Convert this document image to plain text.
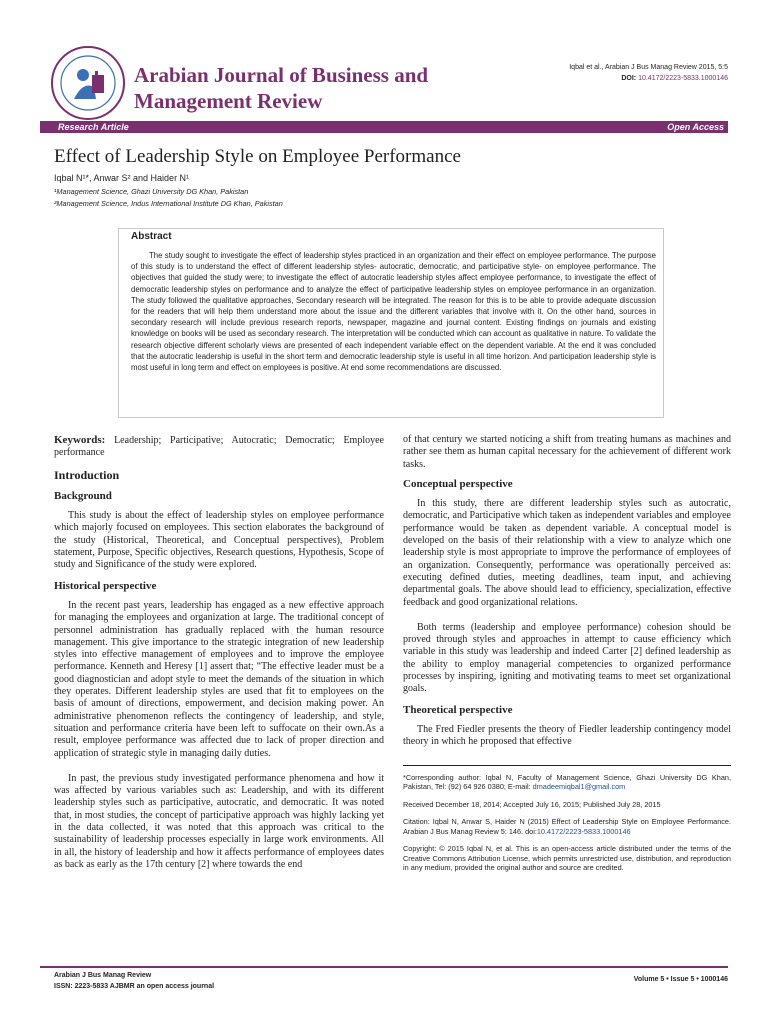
Arabian Journal of Business and Management Review
Iqbal et al., Arabian J Bus Manag Review 2015, 5:5
DOI: 10.4172/2223-5833.1000146
Research Article	Open Access
Effect of Leadership Style on Employee Performance
Iqbal N¹*, Anwar S² and Haider N¹
¹Management Science, Ghazi University DG Khan, Pakistan
²Management Science, Indus International Institute DG Khan, Pakistan
Abstract
The study sought to investigate the effect of leadership styles practiced in an organization and their effect on employee performance. The purpose of this study is to understand the effect of different leadership styles- autocratic, democratic, and participative style- on employee performance. The objectives that guided the study were; to investigate the effect of autocratic leadership styles affect employee performance, to investigate the effect of democratic leadership styles on performance and to analyze the effect of participative leadership styles on employee performance in an organization. The study followed the qualitative approaches, Secondary research will be integrated. The reason for this is to be able to provide adequate discussion for the readers that will help them understand more about the issue and the different variables that involve with it. On the other hand, sources in secondary research will include previous research reports, newspaper, magazine and journal content. Existing findings on journals and existing knowledge on books will be used as secondary research. The interpretation will be conducted which can account as qualitative in nature. To validate the research objective different scholarly views are presented of each independent variable effect on the dependent variable. At the end it was concluded that the autocratic leadership is useful in the short term and democratic leadership style is useful in all time horizon. And participation leadership style is most useful in long term and effect on employees is positive. At end some recommendations are discussed.

Keywords: Leadership; Participative; Autocratic; Democratic; Employee performance

Introduction
Background

This study is about the effect of leadership styles on employee performance which majorly focused on employees. This section elaborates the background of the study (Historical, Theoretical, and Conceptual perspectives), Problem statement, Purpose, Specific objectives, Research questions, Hypothesis, Scope of study and Significance of the study were explored.

Historical perspective

In the recent past years, leadership has engaged as a new effective approach for managing the employees and organization at large. The traditional concept of personnel administration has gradually replaced with the human resource management. This give importance to the strategic integration of new leadership styles into effective management of employees and to improve the employee performance. Kenneth and Heresy [1] assert that; “The effective leader must be a good diagnostician and adopt style to meet the demands of the situation in which they operates. Different leadership styles are used that fit to employees on the basis of amount of directions, empowerment, and decision making power. An administrative phenomenon reflects the contingency of leadership, and style, situation and performance criteria have been left to suffocate on their own.As a result, employee performance was affected due to lack of proper direction and application of strategic style in managing daily duties.

In past, the previous study investigated performance phenomena and how it was affected by various variables such as: Leadership, and with its different leadership styles such as participative, autocratic, and democratic. It was noted that, in most studies, the concept of participative approach was highly lacking yet in the data collected, it was noted that this approach was critical to the sustainability of leadership processes especially in large work environments. All in all, the history of leadership and how it affects performance of employees dates as back as early as the 17th century [2] where towards the end

of that century we started noticing a shift from treating humans as machines and rather see them as human capital necessary for the achievement of different work tasks.

Conceptual perspective

In this study, there are different leadership styles such as autocratic, democratic, and Participative which taken as independent variables and employee performance would be taken as dependent variable. A conceptual model is developed on the basis of their relationship with a view to analyze which one leadership style is most appropriate to improve the performance of employees of an organization. Consequently, performance was operationally perceived as: executing defined duties, meeting deadlines, team input, and achieving departmental goals. The above should lead to efficiency, specialization, effective feedback and good organizational relations.

Both terms (leadership and employee performance) cohesion should be proved through styles and approaches in attempt to cause efficiency which variable in this study was leadership and indeed Carter [2] defined leadership as the ability to employ managerial competencies to organized performance processes by inspiring, igniting and motivating teams to meet set organizational goals.

Theoretical perspective

The Fred Fiedler presents the theory of Fiedler leadership contingency model theory in which he proposed that effective

*Corresponding author: Iqbal N, Faculty of Management Science, Ghazi University DG Khan, Pakistan, Tel: (92) 64 926 0380; E-mail: dmadeemiqbal1@gmail.com
Received December 18, 2014; Accepted July 16, 2015; Published July 28, 2015
Citation: Iqbal N, Anwar S, Haider N (2015) Effect of Leadership Style on Employee Performance. Arabian J Bus Manag Review 5: 146. doi:10.4172/2223-5833.1000146
Copyright: © 2015 Iqbal N, et al. This is an open-access article distributed under the terms of the Creative Commons Attribution License, which permits unrestricted use, distribution, and reproduction in any medium, provided the original author and source are credited.
Arabian J Bus Manag Review
ISSN: 2223-5833 AJBMR an open access journal
Volume 5 • Issue 5 • 1000146
